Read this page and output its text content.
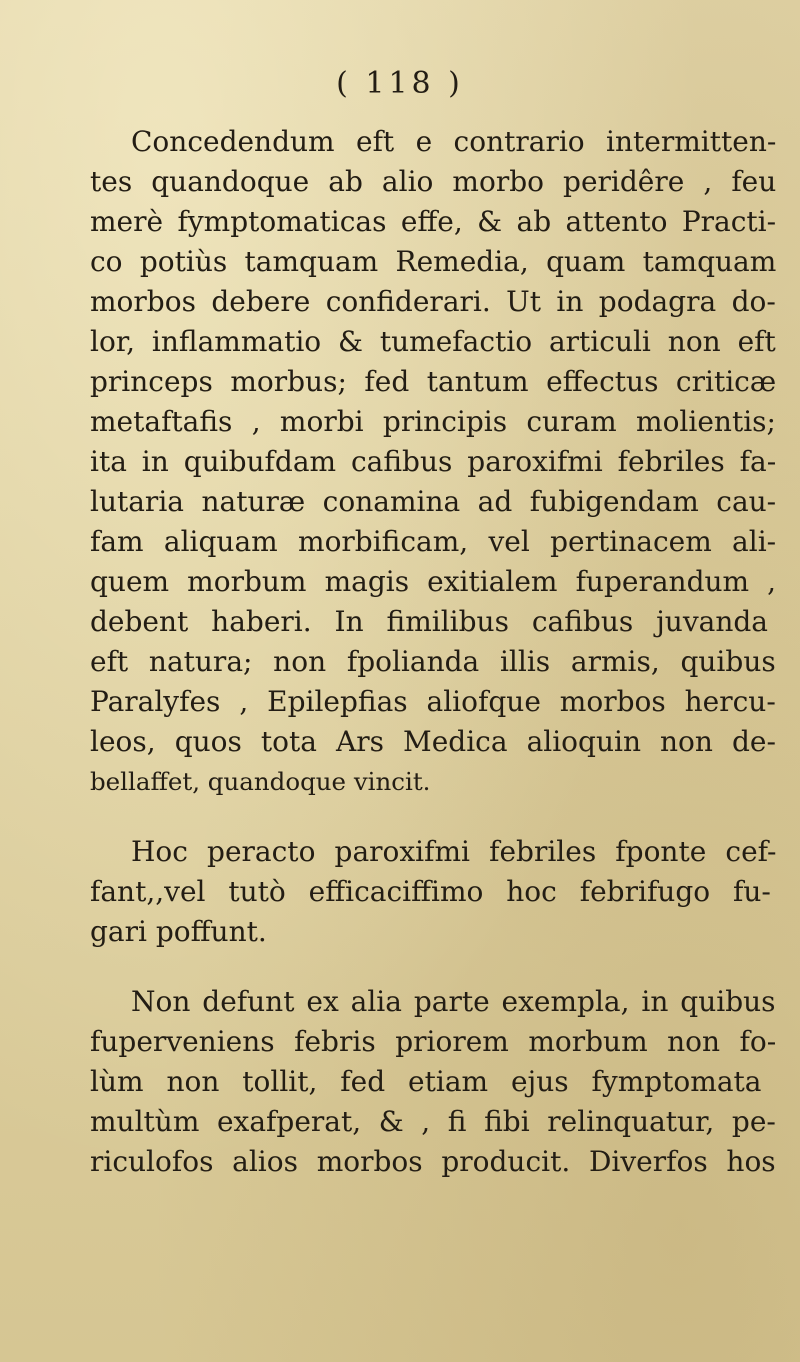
( 118 )
Concedendum eft e contrario intermitten-
tes quandoque ab alio morbo peridêre , feu
merè fymptomaticas effe, & ab attento Practi-
co potiùs tamquam Remedia, quam tamquam
morbos debere confiderari. Ut in podagra do-
lor, inflammatio & tumefactio articuli non eft
princeps morbus; fed tantum effectus criticæ
metaftafis , morbi principis curam molientis;
ita in quibufdam cafibus paroxifmi febriles fa-
lutaria naturæ conamina ad fubigendam cau-
fam aliquam morbificam, vel pertinacem ali-
quem morbum magis exitialem fuperandum ,
debent haberi. In fimilibus cafibus juvanda
eft natura; non fpolianda illis armis, quibus
Paralyfes , Epilepfias aliofque morbos hercu-
leos, quos tota Ars Medica alioquin non de-
bellaffet, quandoque vincit.
Hoc peracto paroxifmi febriles fponte cef-
fant,,vel tutò efficaciffimo hoc febrifugo fu-
gari poffunt.
Non defunt ex alia parte exempla, in quibus
fuperveniens febris priorem morbum non fo-
lùm non tollit, fed etiam ejus fymptomata
multùm exafperat, & , fi fibi relinquatur, pe-
riculofos alios morbos producit. Diverfos hos
